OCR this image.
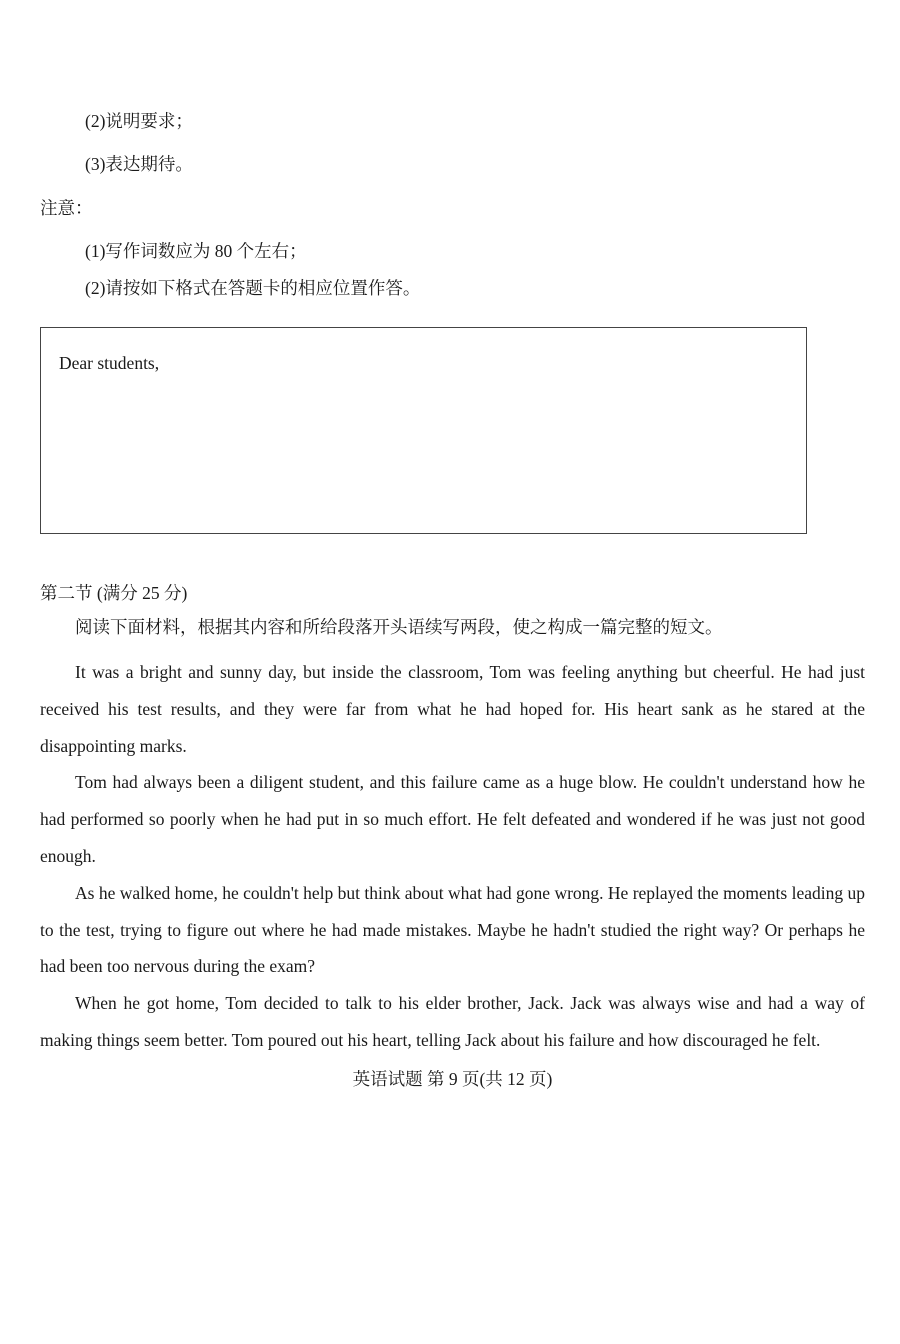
(2)说明要求；

(3)表达期待。

注意：

(1)写作词数应为 80 个左右；

(2)请按如下格式在答题卡的相应位置作答。

Dear students,

第二节 (满分 25 分)

阅读下面材料，根据其内容和所给段落开头语续写两段，使之构成一篇完整的短文。

It was a bright and sunny day, but inside the classroom, Tom was feeling anything but cheerful. He had just received his test results, and they were far from what he had hoped for. His heart sank as he stared at the disappointing marks.

Tom had always been a diligent student, and this failure came as a huge blow. He couldn't understand how he had performed so poorly when he had put in so much effort. He felt defeated and wondered if he was just not good enough.

As he walked home, he couldn't help but think about what had gone wrong. He replayed the moments leading up to the test, trying to figure out where he had made mistakes. Maybe he hadn't studied the right way? Or perhaps he had been too nervous during the exam?

When he got home, Tom decided to talk to his elder brother, Jack. Jack was always wise and had a way of making things seem better. Tom poured out his heart, telling Jack about his failure and how discouraged he felt.

英语试题 第 9 页(共 12 页)
